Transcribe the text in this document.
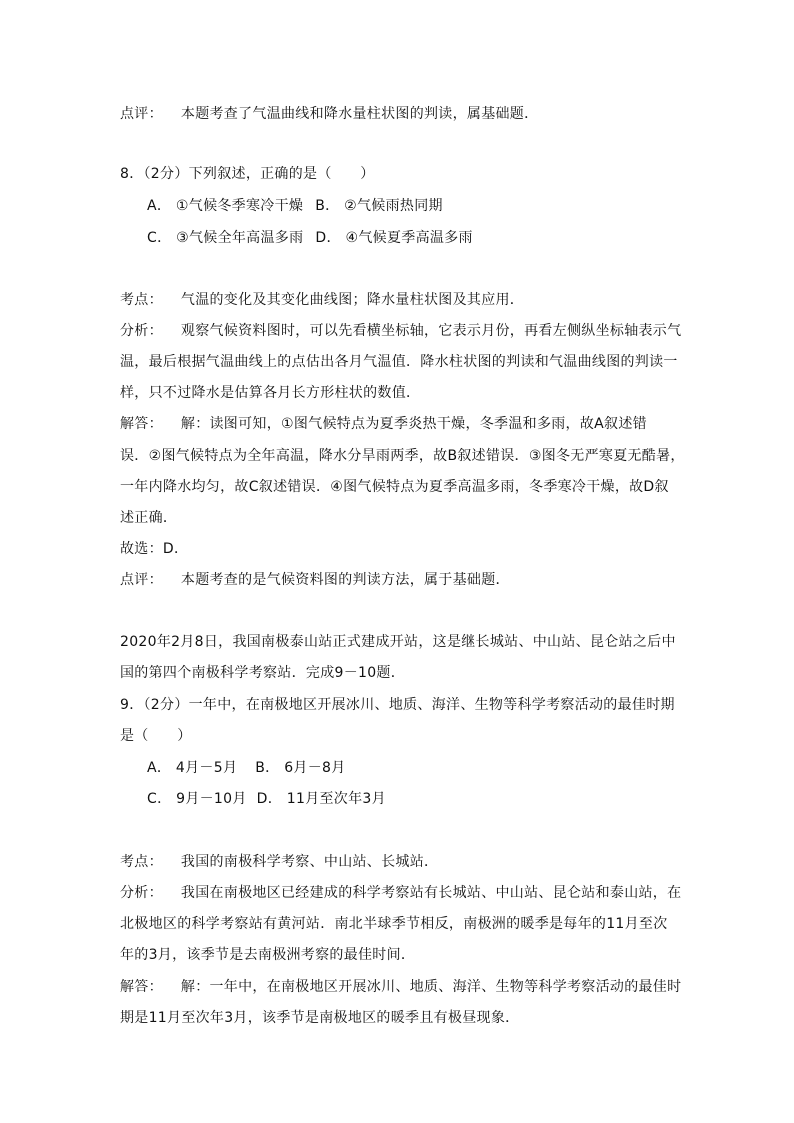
点评： 本题考查了气温曲线和降水量柱状图的判读，属基础题．
8．（2分）下列叙述，正确的是（　　）
A． ①气候冬季寒冷干燥 B． ②气候雨热同期
C． ③气候全年高温多雨 D． ④气候夏季高温多雨
考点： 气温的变化及其变化曲线图；降水量柱状图及其应用．
分析： 观察气候资料图时，可以先看横坐标轴，它表示月份，再看左侧纵坐标轴表示气
温，最后根据气温曲线上的点估出各月气温值．降水柱状图的判读和气温曲线图的判读一
样，只不过降水是估算各月长方形柱状的数值．
解答： 解：读图可知，①图气候特点为夏季炎热干燥，冬季温和多雨，故A叙述错
误．②图气候特点为全年高温，降水分旱雨两季，故B叙述错误．③图冬无严寒夏无酷暑，
一年内降水均匀，故C叙述错误．④图气候特点为夏季高温多雨，冬季寒冷干燥，故D叙
述正确．
故选：D．
点评： 本题考查的是气候资料图的判读方法，属于基础题．
2020年2月8日，我国南极泰山站正式建成开站，这是继长城站、中山站、昆仑站之后中
国的第四个南极科学考察站．完成9－10题．
9．（2分）一年中，在南极地区开展冰川、地质、海洋、生物等科学考察活动的最佳时期
是（　　）
A． 4月－5月 B． 6月－8月
C． 9月－10月 D． 11月至次年3月
考点： 我国的南极科学考察、中山站、长城站．
分析： 我国在南极地区已经建成的科学考察站有长城站、中山站、昆仑站和泰山站，在
北极地区的科学考察站有黄河站．南北半球季节相反，南极洲的暖季是每年的11月至次
年的3月，该季节是去南极洲考察的最佳时间．
解答： 解：一年中，在南极地区开展冰川、地质、海洋、生物等科学考察活动的最佳时
期是11月至次年3月，该季节是南极地区的暖季且有极昼现象．
